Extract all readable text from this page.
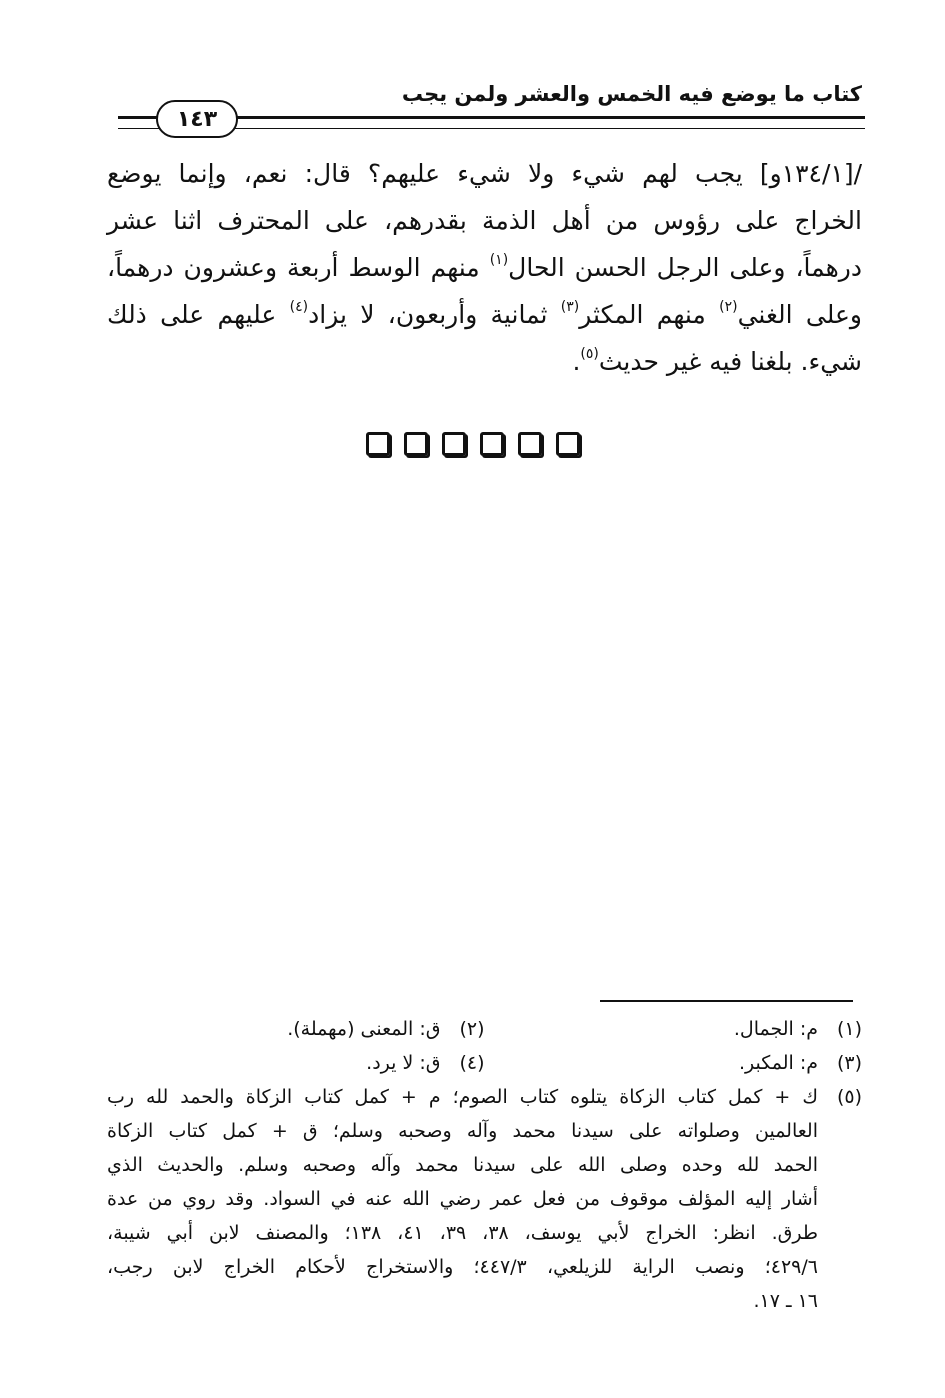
كتاب ما يوضع فيه الخمس والعشر ولمن يجب
١٤٣
/[١٣٤/١و] يجب لهم شيء ولا شيء عليهم؟ قال: نعم، وإنما يوضع
الخراج على رؤوس من أهل الذمة بقدرهم، على المحترف اثنا عشر
درهماً، وعلى الرجل الحسن الحال$^{(١)}$ منهم الوسط أربعة وعشرون درهماً،
وعلى الغني$^{(٢)}$ منهم المكثر$^{(٣)}$ ثمانية وأربعون، لا يزاد$^{(٤)}$ عليهم على ذلك
شيء. بلغنا فيه غير حديث$^{(٥)}$.
(١)
م: الجمال.
(٢)
ق: المعنى (مهملة).
(٣)
م: المكبر.
(٤)
ق: لا يرد.
(٥)
ك + كمل كتاب الزكاة يتلوه كتاب الصوم؛ م + كمل كتاب الزكاة والحمد لله رب
العالمين وصلواته على سيدنا محمد وآله وصحبه وسلم؛ ق + كمل كتاب الزكاة
الحمد لله وحده وصلى الله على سيدنا محمد وآله وصحبه وسلم. والحديث الذي
أشار إليه المؤلف موقوف من فعل عمر رضي الله عنه في السواد. وقد روي من عدة
طرق. انظر: الخراج لأبي يوسف، ٣٨، ٣٩، ٤١، ١٣٨؛ والمصنف لابن أبي شيبة،
٤٢٩/٦؛ ونصب الراية للزيلعي، ٤٤٧/٣؛ والاستخراج لأحكام الخراج لابن رجب،
١٦ ـ ١٧.
